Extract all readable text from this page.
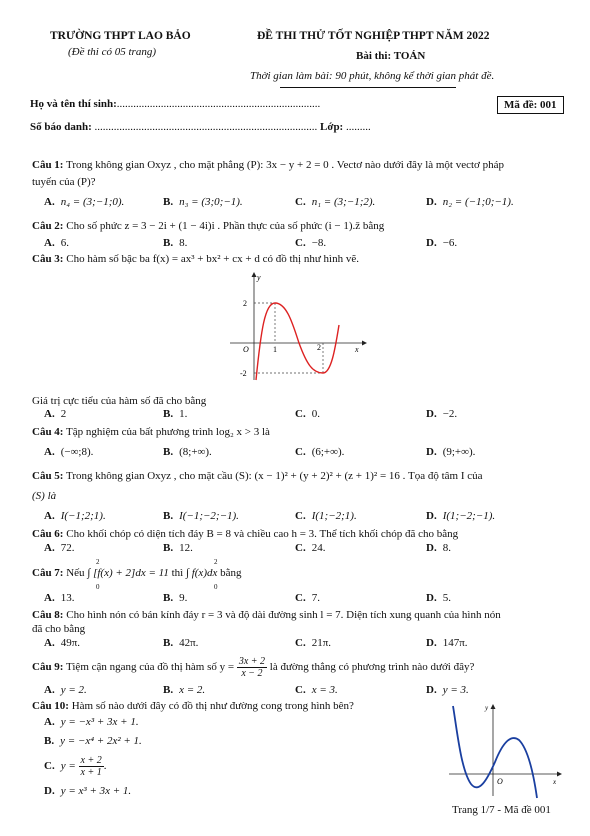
TRƯỜNG THPT LAO BẢO
(Đề thi có 05 trang)
ĐỀ THI THỬ TỐT NGHIỆP THPT NĂM 2022
Bài thi: TOÁN
Thời gian làm bài: 90 phút, không kể thời gian phát đề.
Họ và tên thí sinh:..........................................................................	Mã đề: 001
Số báo danh: ................................................................................. Lớp: .........
Câu 1: Trong không gian Oxyz , cho mặt phẳng (P): 3x − y + 2 = 0 . Vectơ nào dưới đây là một vectơ pháp
tuyến của (P)?
A. n₄ = (3;−1;0).	B. n₃ = (3;0;−1).	C. n₁ = (3;−1;2).	D. n₂ = (−1;0;−1).
Câu 2: Cho số phức z = 3 − 2i + (1 − 4i)i . Phần thực của số phức (i − 1).z̄ bằng
A. 6.	B. 8.	C. −8.	D. −6.
Câu 3: Cho hàm số bậc ba f(x) = ax³ + bx² + cx + d có đồ thị như hình vẽ.
2
-2
O	1	2	x
y
Giá trị cực tiểu của hàm số đã cho bằng
A. 2	B. 1.	C. 0.	D. −2.
Câu 4: Tập nghiệm của bất phương trình log₂ x > 3 là
A. (−∞;8).	B. (8;+∞).	C. (6;+∞).	D. (9;+∞).
Câu 5: Trong không gian Oxyz , cho mặt cầu (S): (x − 1)² + (y + 2)² + (z + 1)² = 16 . Tọa độ tâm I của
(S) là
A. I(−1;2;1).	B. I(−1;−2;−1).	C. I(1;−2;1).	D. I(1;−2;−1).
Câu 6: Cho khối chóp có diện tích đáy B = 8 và chiều cao h = 3. Thể tích khối chóp đã cho bằng
A. 72.	B. 12.	C. 24.	D. 8.
Câu 7: Nếu ∫ [f(x) + 2]dx = 11 thì ∫ f(x)dx bằng
2
0
2
0
A. 13.	B. 9.	C. 7.	D. 5.
Câu 8: Cho hình nón có bán kính đáy r = 3 và độ dài đường sinh l = 7. Diện tích xung quanh của hình nón
đã cho bằng
A. 49π.	B. 42π.	C. 21π.	D. 147π.
Câu 9: Tiệm cận ngang của đồ thị hàm số $y = \frac{3x + 2}{x - 2}$ là đường thẳng có phương trình nào dưới đây?
A. y = 2.	B. x = 2.	C. x = 3.	D. y = 3.
Câu 10: Hàm số nào dưới đây có đồ thị như đường cong trong hình bên?
A. y = −x³ + 3x + 1.
B. y = −x⁴ + 2x² + 1.
C. $y = \frac{x + 2}{x + 1}$ .
D. y = x³ + 3x + 1.
O	x
y
Trang 1/7 - Mã đề 001
